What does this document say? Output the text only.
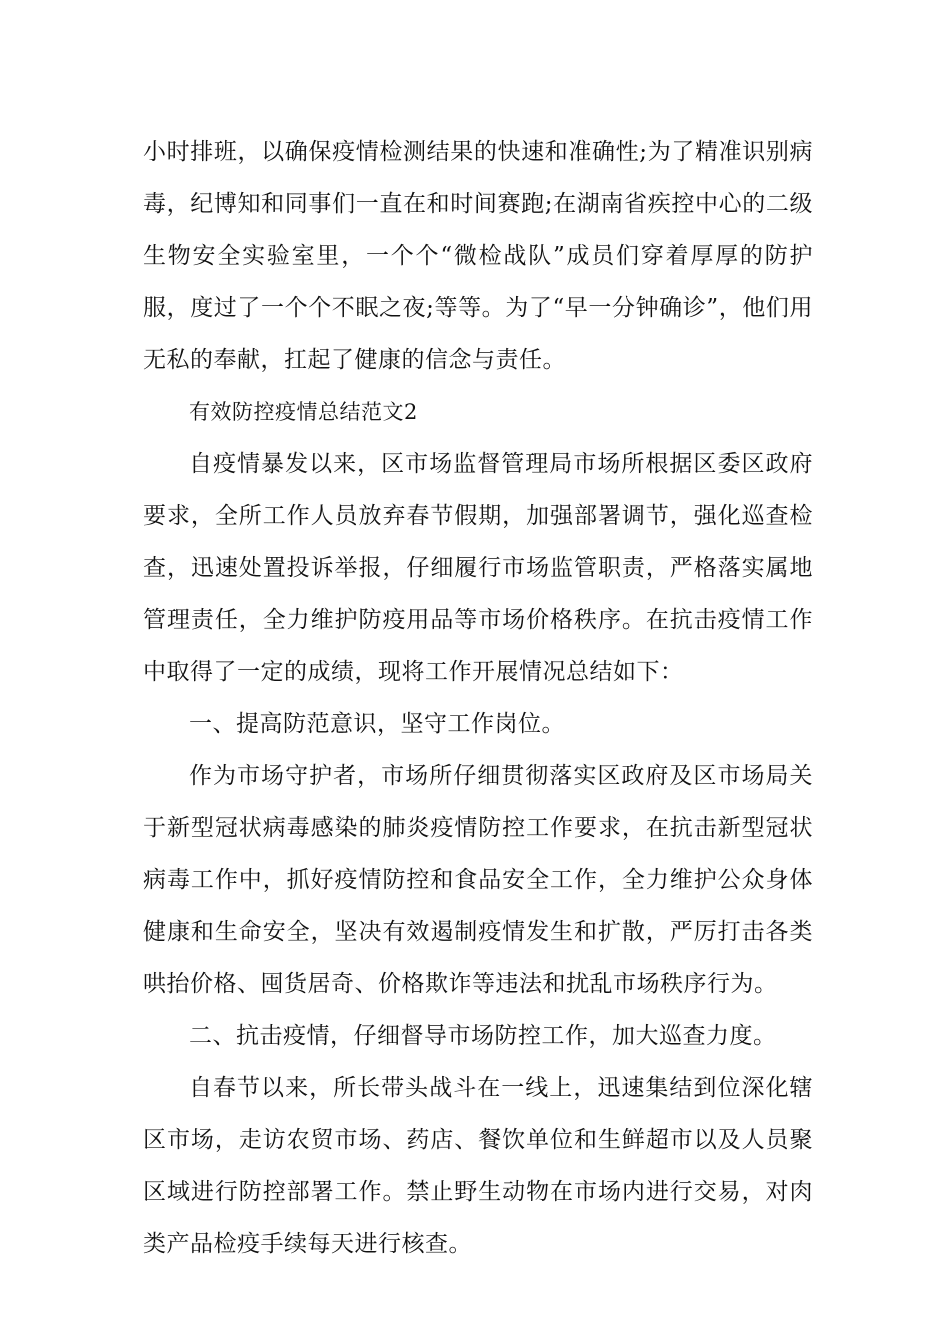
小时排班，以确保疫情检测结果的快速和准确性;为了精准识别病毒，纪博知和同事们一直在和时间赛跑;在湖南省疾控中心的二级生物安全实验室里，一个个“微检战队”成员们穿着厚厚的防护服，度过了一个个不眠之夜;等等。为了“早一分钟确诊”，他们用无私的奉献，扛起了健康的信念与责任。

有效防控疫情总结范文2

自疫情暴发以来，区市场监督管理局市场所根据区委区政府要求，全所工作人员放弃春节假期，加强部署调节，强化巡查检查，迅速处置投诉举报，仔细履行市场监管职责，严格落实属地管理责任，全力维护防疫用品等市场价格秩序。在抗击疫情工作中取得了一定的成绩，现将工作开展情况总结如下：

一、提高防范意识，坚守工作岗位。

作为市场守护者，市场所仔细贯彻落实区政府及区市场局关于新型冠状病毒感染的肺炎疫情防控工作要求，在抗击新型冠状病毒工作中，抓好疫情防控和食品安全工作，全力维护公众身体健康和生命安全，坚决有效遏制疫情发生和扩散，严厉打击各类哄抬价格、囤货居奇、价格欺诈等违法和扰乱市场秩序行为。

二、抗击疫情，仔细督导市场防控工作，加大巡查力度。

自春节以来，所长带头战斗在一线上，迅速集结到位深化辖区市场，走访农贸市场、药店、餐饮单位和生鲜超市以及人员聚区域进行防控部署工作。禁止野生动物在市场内进行交易，对肉类产品检疫手续每天进行核查。
